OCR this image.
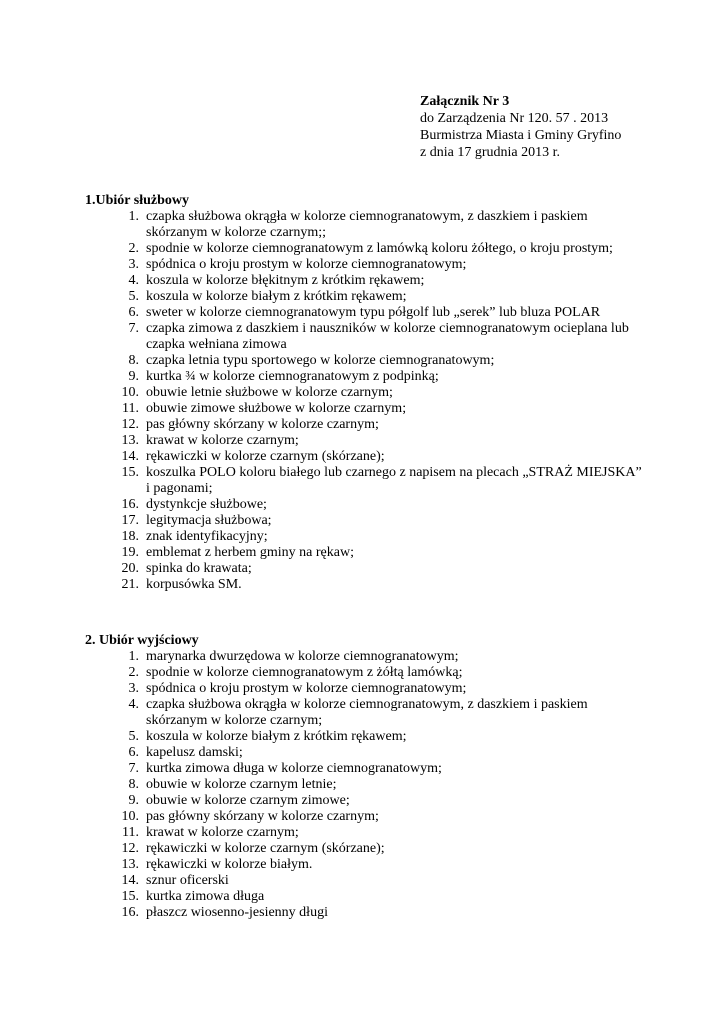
Załącznik Nr 3
do Zarządzenia Nr 120. 57 . 2013
Burmistrza Miasta i Gminy Gryfino
z dnia 17 grudnia 2013 r.
1.Ubiór służbowy
1. czapka służbowa okrągła w kolorze ciemnogranatowym, z daszkiem i paskiem skórzanym w kolorze czarnym;;
2. spodnie w kolorze ciemnogranatowym z lamówką koloru żółtego, o kroju prostym;
3. spódnica o kroju prostym w kolorze ciemnogranatowym;
4. koszula w kolorze błękitnym z krótkim rękawem;
5. koszula w kolorze białym z krótkim rękawem;
6. sweter w kolorze ciemnogranatowym typu półgolf lub „serek” lub bluza POLAR
7. czapka zimowa z daszkiem i nauszników w kolorze ciemnogranatowym ocieplana lub czapka wełniana zimowa
8. czapka letnia typu sportowego w kolorze ciemnogranatowym;
9. kurtka ¾ w kolorze ciemnogranatowym z podpinką;
10. obuwie letnie służbowe w kolorze czarnym;
11. obuwie zimowe służbowe w kolorze czarnym;
12. pas główny skórzany w kolorze czarnym;
13. krawat w kolorze czarnym;
14. rękawiczki w kolorze czarnym (skórzane);
15. koszulka POLO koloru białego lub czarnego z napisem na plecach „STRAŻ MIEJSKA” i pagonami;
16. dystynkcje służbowe;
17. legitymacja służbowa;
18. znak identyfikacyjny;
19. emblemat z herbem gminy na rękaw;
20. spinka do krawata;
21. korpusówka SM.
2. Ubiór wyjściowy
1. marynarka dwurzędowa w kolorze ciemnogranatowym;
2. spodnie w kolorze ciemnogranatowym z żółtą lamówką;
3. spódnica o kroju prostym w kolorze ciemnogranatowym;
4. czapka służbowa okrągła w kolorze ciemnogranatowym, z daszkiem i paskiem skórzanym w kolorze czarnym;
5. koszula w kolorze białym z krótkim rękawem;
6. kapelusz damski;
7. kurtka zimowa długa w kolorze ciemnogranatowym;
8. obuwie w kolorze czarnym letnie;
9. obuwie w kolorze czarnym zimowe;
10. pas główny skórzany w kolorze czarnym;
11. krawat w kolorze czarnym;
12. rękawiczki w kolorze czarnym (skórzane);
13. rękawiczki w kolorze białym.
14. sznur oficerski
15. kurtka zimowa długa
16. płaszcz wiosenno-jesienny długi
